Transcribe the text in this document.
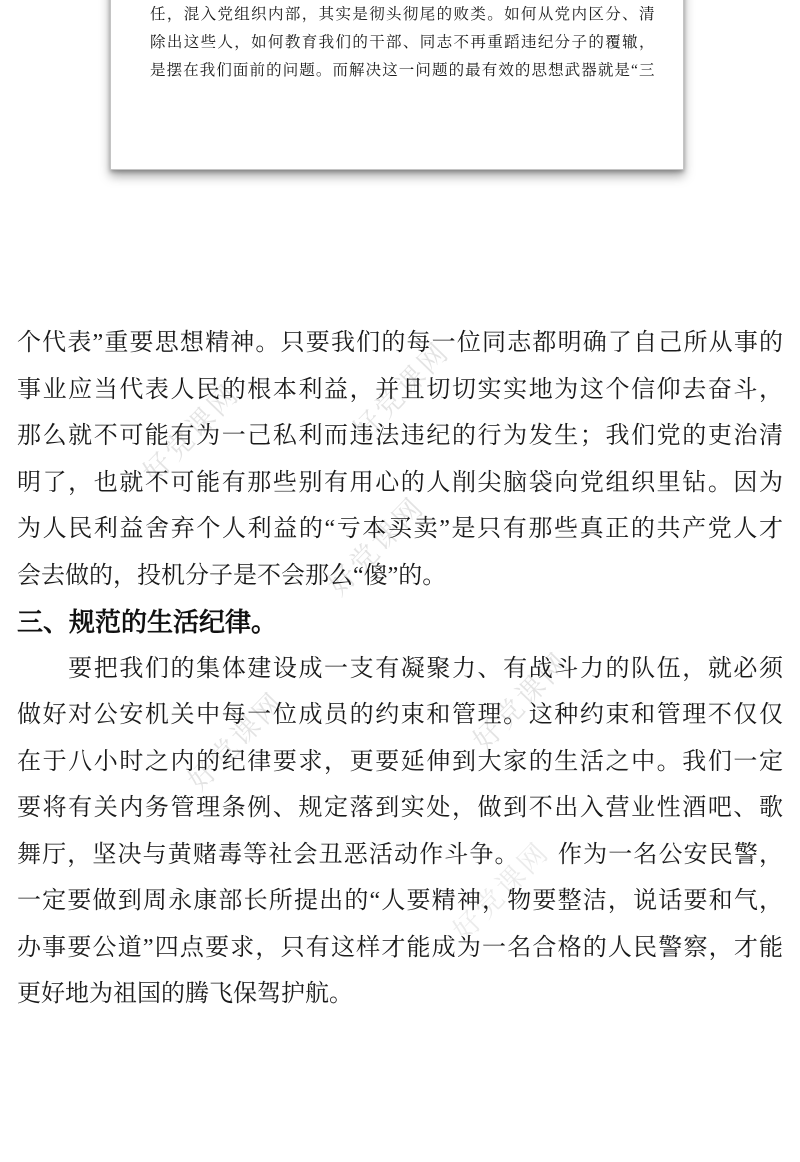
好党课网
好党课网
好党课网
好党课网	好党课网
好党课网
任，混入党组织内部，其实是彻头彻尾的败类。如何从党内区分、清
除出这些人，如何教育我们的干部、同志不再重蹈违纪分子的覆辙，
是摆在我们面前的问题。而解决这一问题的最有效的思想武器就是“三
个代表”重要思想精神。只要我们的每一位同志都明确了自己所从事的
事业应当代表人民的根本利益，并且切切实实地为这个信仰去奋斗，
那么就不可能有为一己私利而违法违纪的行为发生；我们党的吏治清
明了，也就不可能有那些别有用心的人削尖脑袋向党组织里钻。因为
为人民利益舍弃个人利益的“亏本买卖”是只有那些真正的共产党人才
会去做的，投机分子是不会那么“傻”的。
三、规范的生活纪律。
　　要把我们的集体建设成一支有凝聚力、有战斗力的队伍，就必须
做好对公安机关中每一位成员的约束和管理。这种约束和管理不仅仅
在于八小时之内的纪律要求，更要延伸到大家的生活之中。我们一定
要将有关内务管理条例、规定落到实处，做到不出入营业性酒吧、歌
舞厅，坚决与黄赌毒等社会丑恶活动作斗争。　　作为一名公安民警，
一定要做到周永康部长所提出的“人要精神，物要整洁，说话要和气，
办事要公道”四点要求，只有这样才能成为一名合格的人民警察，才能
更好地为祖国的腾飞保驾护航。
